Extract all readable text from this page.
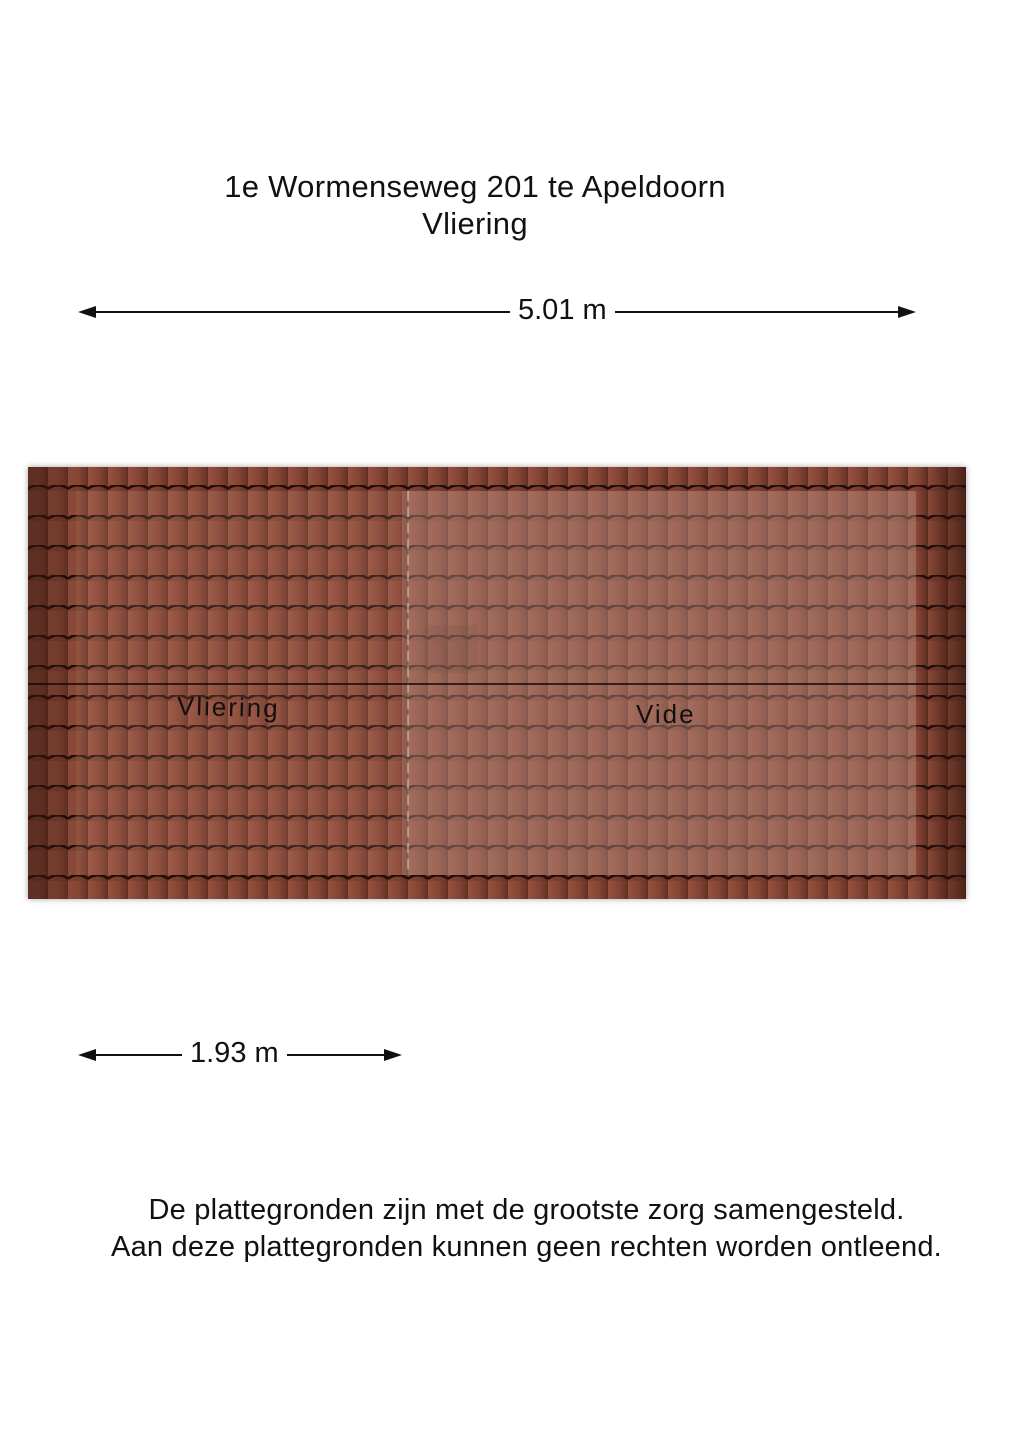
1e Wormenseweg 201 te Apeldoorn
Vliering
5.01 m
Vliering	Vide
1.93 m
De plattegronden zijn met de grootste zorg samengesteld.
Aan deze plattegronden kunnen geen rechten worden ontleend.
